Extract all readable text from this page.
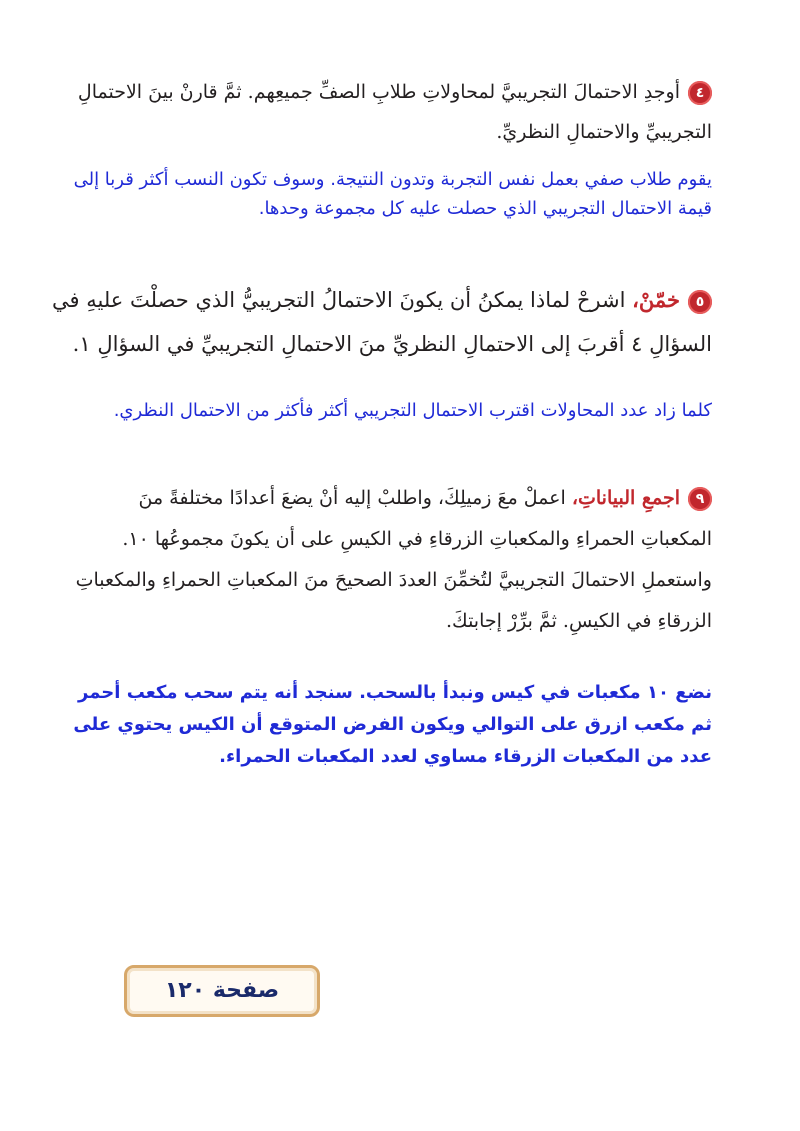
٤أوجدِ الاحتمالَ التجريبيَّ لمحاولاتِ طلابِ الصفِّ جميعِهم. ثمَّ قارنْ بينَ الاحتمالِ التجريبيِّ والاحتمالِ النظريِّ.
يقوم طلاب صفي بعمل نفس التجربة وتدون النتيجة. وسوف تكون النسب أكثر قربا إلى قيمة الاحتمال التجريبي الذي حصلت عليه كل مجموعة وحدها.
٥خمّنْ، اشرحْ لماذا يمكنُ أن يكونَ الاحتمالُ التجريبيُّ الذي حصلْتَ عليهِ في السؤالِ ٤ أقربَ إلى الاحتمالِ النظريِّ منَ الاحتمالِ التجريبيِّ في السؤالِ ١.
كلما زاد عدد المحاولات اقترب الاحتمال التجريبي أكثر فأكثر من الاحتمال النظري.
٩اجمعِ البياناتِ، اعملْ معَ زميلِكَ، واطلبْ إليه أنْ يضعَ أعدادًا مختلفةً منَ المكعباتِ الحمراءِ والمكعباتِ الزرقاءِ في الكيسِ على أن يكونَ مجموعُها ١٠. واستعملِ الاحتمالَ التجريبيَّ لتُخمِّنَ العددَ الصحيحَ منَ المكعباتِ الحمراءِ والمكعباتِ الزرقاءِ في الكيسِ. ثمَّ برِّرْ إجابتكَ.
نضع ١٠ مكعبات في كيس ونبدأ بالسحب. سنجد أنه يتم سحب مكعب أحمر ثم مكعب ازرق على التوالي ويكون الفرض المتوقع أن الكيس يحتوي على عدد من المكعبات الزرقاء مساوي لعدد المكعبات الحمراء.
صفحة ١٢٠
